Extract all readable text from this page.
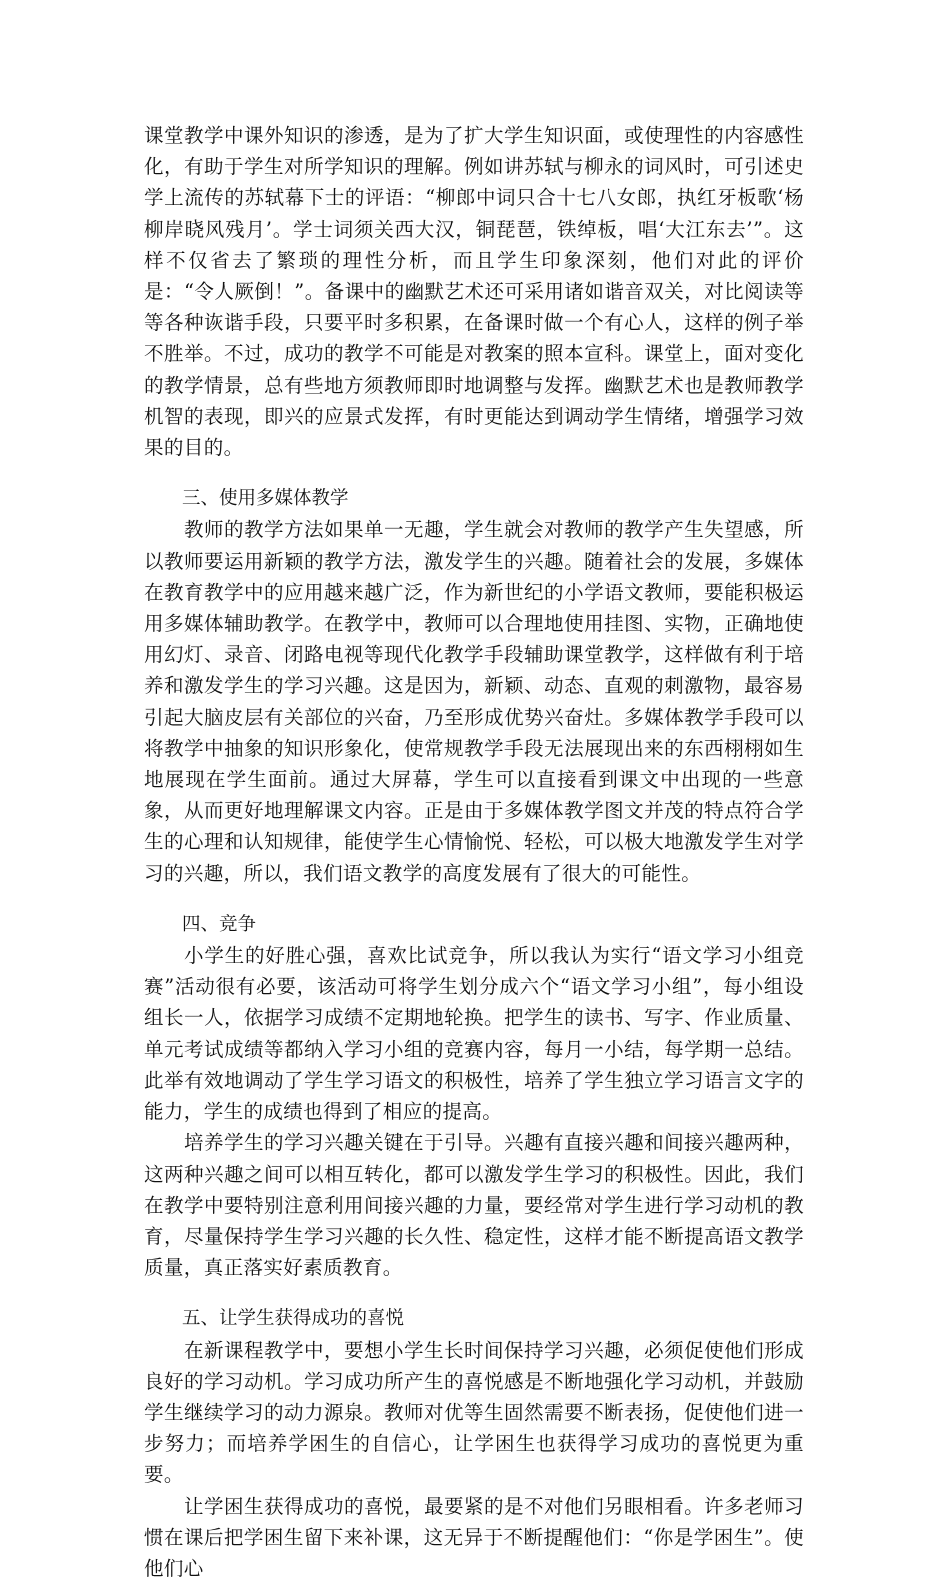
课堂教学中课外知识的渗透，是为了扩大学生知识面，或使理性的内容感性化，有助于学生对所学知识的理解。例如讲苏轼与柳永的词风时，可引述史学上流传的苏轼幕下士的评语：“柳郎中词只合十七八女郎，执红牙板歌‘杨柳岸晓风残月’。学士词须关西大汉，铜琵琶，铁绰板，唱‘大江东去’”。这样不仅省去了繁琐的理性分析，而且学生印象深刻，他们对此的评价是：“令人厥倒！”。备课中的幽默艺术还可采用诸如谐音双关，对比阅读等等各种诙谐手段，只要平时多积累，在备课时做一个有心人，这样的例子举不胜举。不过，成功的教学不可能是对教案的照本宣科。课堂上，面对变化的教学情景，总有些地方须教师即时地调整与发挥。幽默艺术也是教师教学机智的表现，即兴的应景式发挥，有时更能达到调动学生情绪，增强学习效果的目的。

三、使用多媒体教学

教师的教学方法如果单一无趣，学生就会对教师的教学产生失望感，所以教师要运用新颖的教学方法，激发学生的兴趣。随着社会的发展，多媒体在教育教学中的应用越来越广泛，作为新世纪的小学语文教师，要能积极运用多媒体辅助教学。在教学中，教师可以合理地使用挂图、实物，正确地使用幻灯、录音、闭路电视等现代化教学手段辅助课堂教学，这样做有利于培养和激发学生的学习兴趣。这是因为，新颖、动态、直观的刺激物，最容易引起大脑皮层有关部位的兴奋，乃至形成优势兴奋灶。多媒体教学手段可以将教学中抽象的知识形象化，使常规教学手段无法展现出来的东西栩栩如生地展现在学生面前。通过大屏幕，学生可以直接看到课文中出现的一些意象，从而更好地理解课文内容。正是由于多媒体教学图文并茂的特点符合学生的心理和认知规律，能使学生心情愉悦、轻松，可以极大地激发学生对学习的兴趣，所以，我们语文教学的高度发展有了很大的可能性。

四、竞争

小学生的好胜心强，喜欢比试竞争，所以我认为实行“语文学习小组竞赛”活动很有必要，该活动可将学生划分成六个“语文学习小组”，每小组设组长一人，依据学习成绩不定期地轮换。把学生的读书、写字、作业质量、单元考试成绩等都纳入学习小组的竞赛内容，每月一小结，每学期一总结。此举有效地调动了学生学习语文的积极性，培养了学生独立学习语言文字的能力，学生的成绩也得到了相应的提高。

培养学生的学习兴趣关键在于引导。兴趣有直接兴趣和间接兴趣两种，这两种兴趣之间可以相互转化，都可以激发学生学习的积极性。因此，我们在教学中要特别注意利用间接兴趣的力量，要经常对学生进行学习动机的教育，尽量保持学生学习兴趣的长久性、稳定性，这样才能不断提高语文教学质量，真正落实好素质教育。

五、让学生获得成功的喜悦

在新课程教学中，要想小学生长时间保持学习兴趣，必须促使他们形成良好的学习动机。学习成功所产生的喜悦感是不断地强化学习动机，并鼓励学生继续学习的动力源泉。教师对优等生固然需要不断表扬，促使他们进一步努力；而培养学困生的自信心，让学困生也获得学习成功的喜悦更为重要。

让学困生获得成功的喜悦，最要紧的是不对他们另眼相看。许多老师习惯在课后把学困生留下来补课，这无异于不断提醒他们：“你是学困生”。使他们心
